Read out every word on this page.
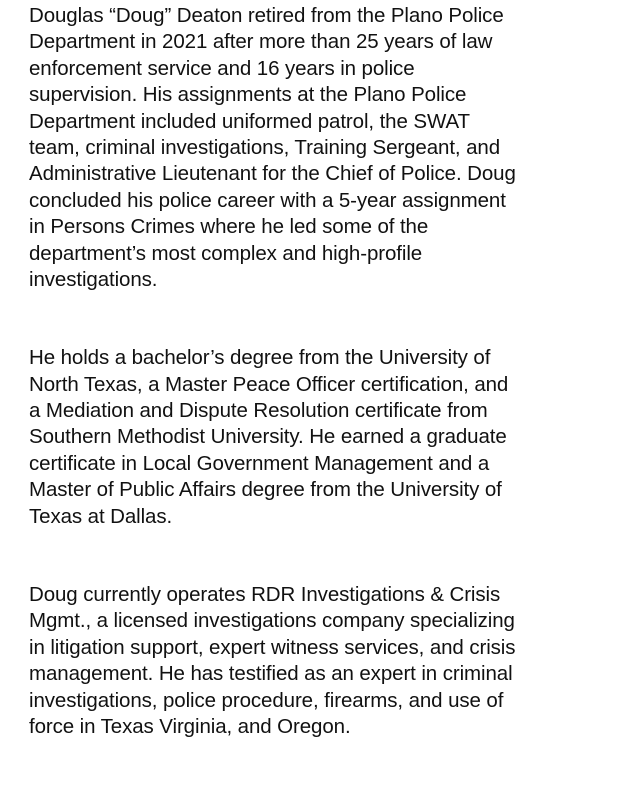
Douglas “Doug” Deaton retired from the Plano Police
Department in 2021 after more than 25 years of law
enforcement service and 16 years in police
supervision. His assignments at the Plano Police
Department included uniformed patrol, the SWAT
team, criminal investigations, Training Sergeant, and
Administrative Lieutenant for the Chief of Police. Doug
concluded his police career with a 5-year assignment
in Persons Crimes where he led some of the
department’s most complex and high-profile
investigations.
He holds a bachelor’s degree from the University of
North Texas, a Master Peace Officer certification, and
a Mediation and Dispute Resolution certificate from
Southern Methodist University. He earned a graduate
certificate in Local Government Management and a
Master of Public Affairs degree from the University of
Texas at Dallas.
Doug currently operates RDR Investigations & Crisis
Mgmt., a licensed investigations company specializing
in litigation support, expert witness services, and crisis
management. He has testified as an expert in criminal
investigations, police procedure, firearms, and use of
force in Texas Virginia, and Oregon.
